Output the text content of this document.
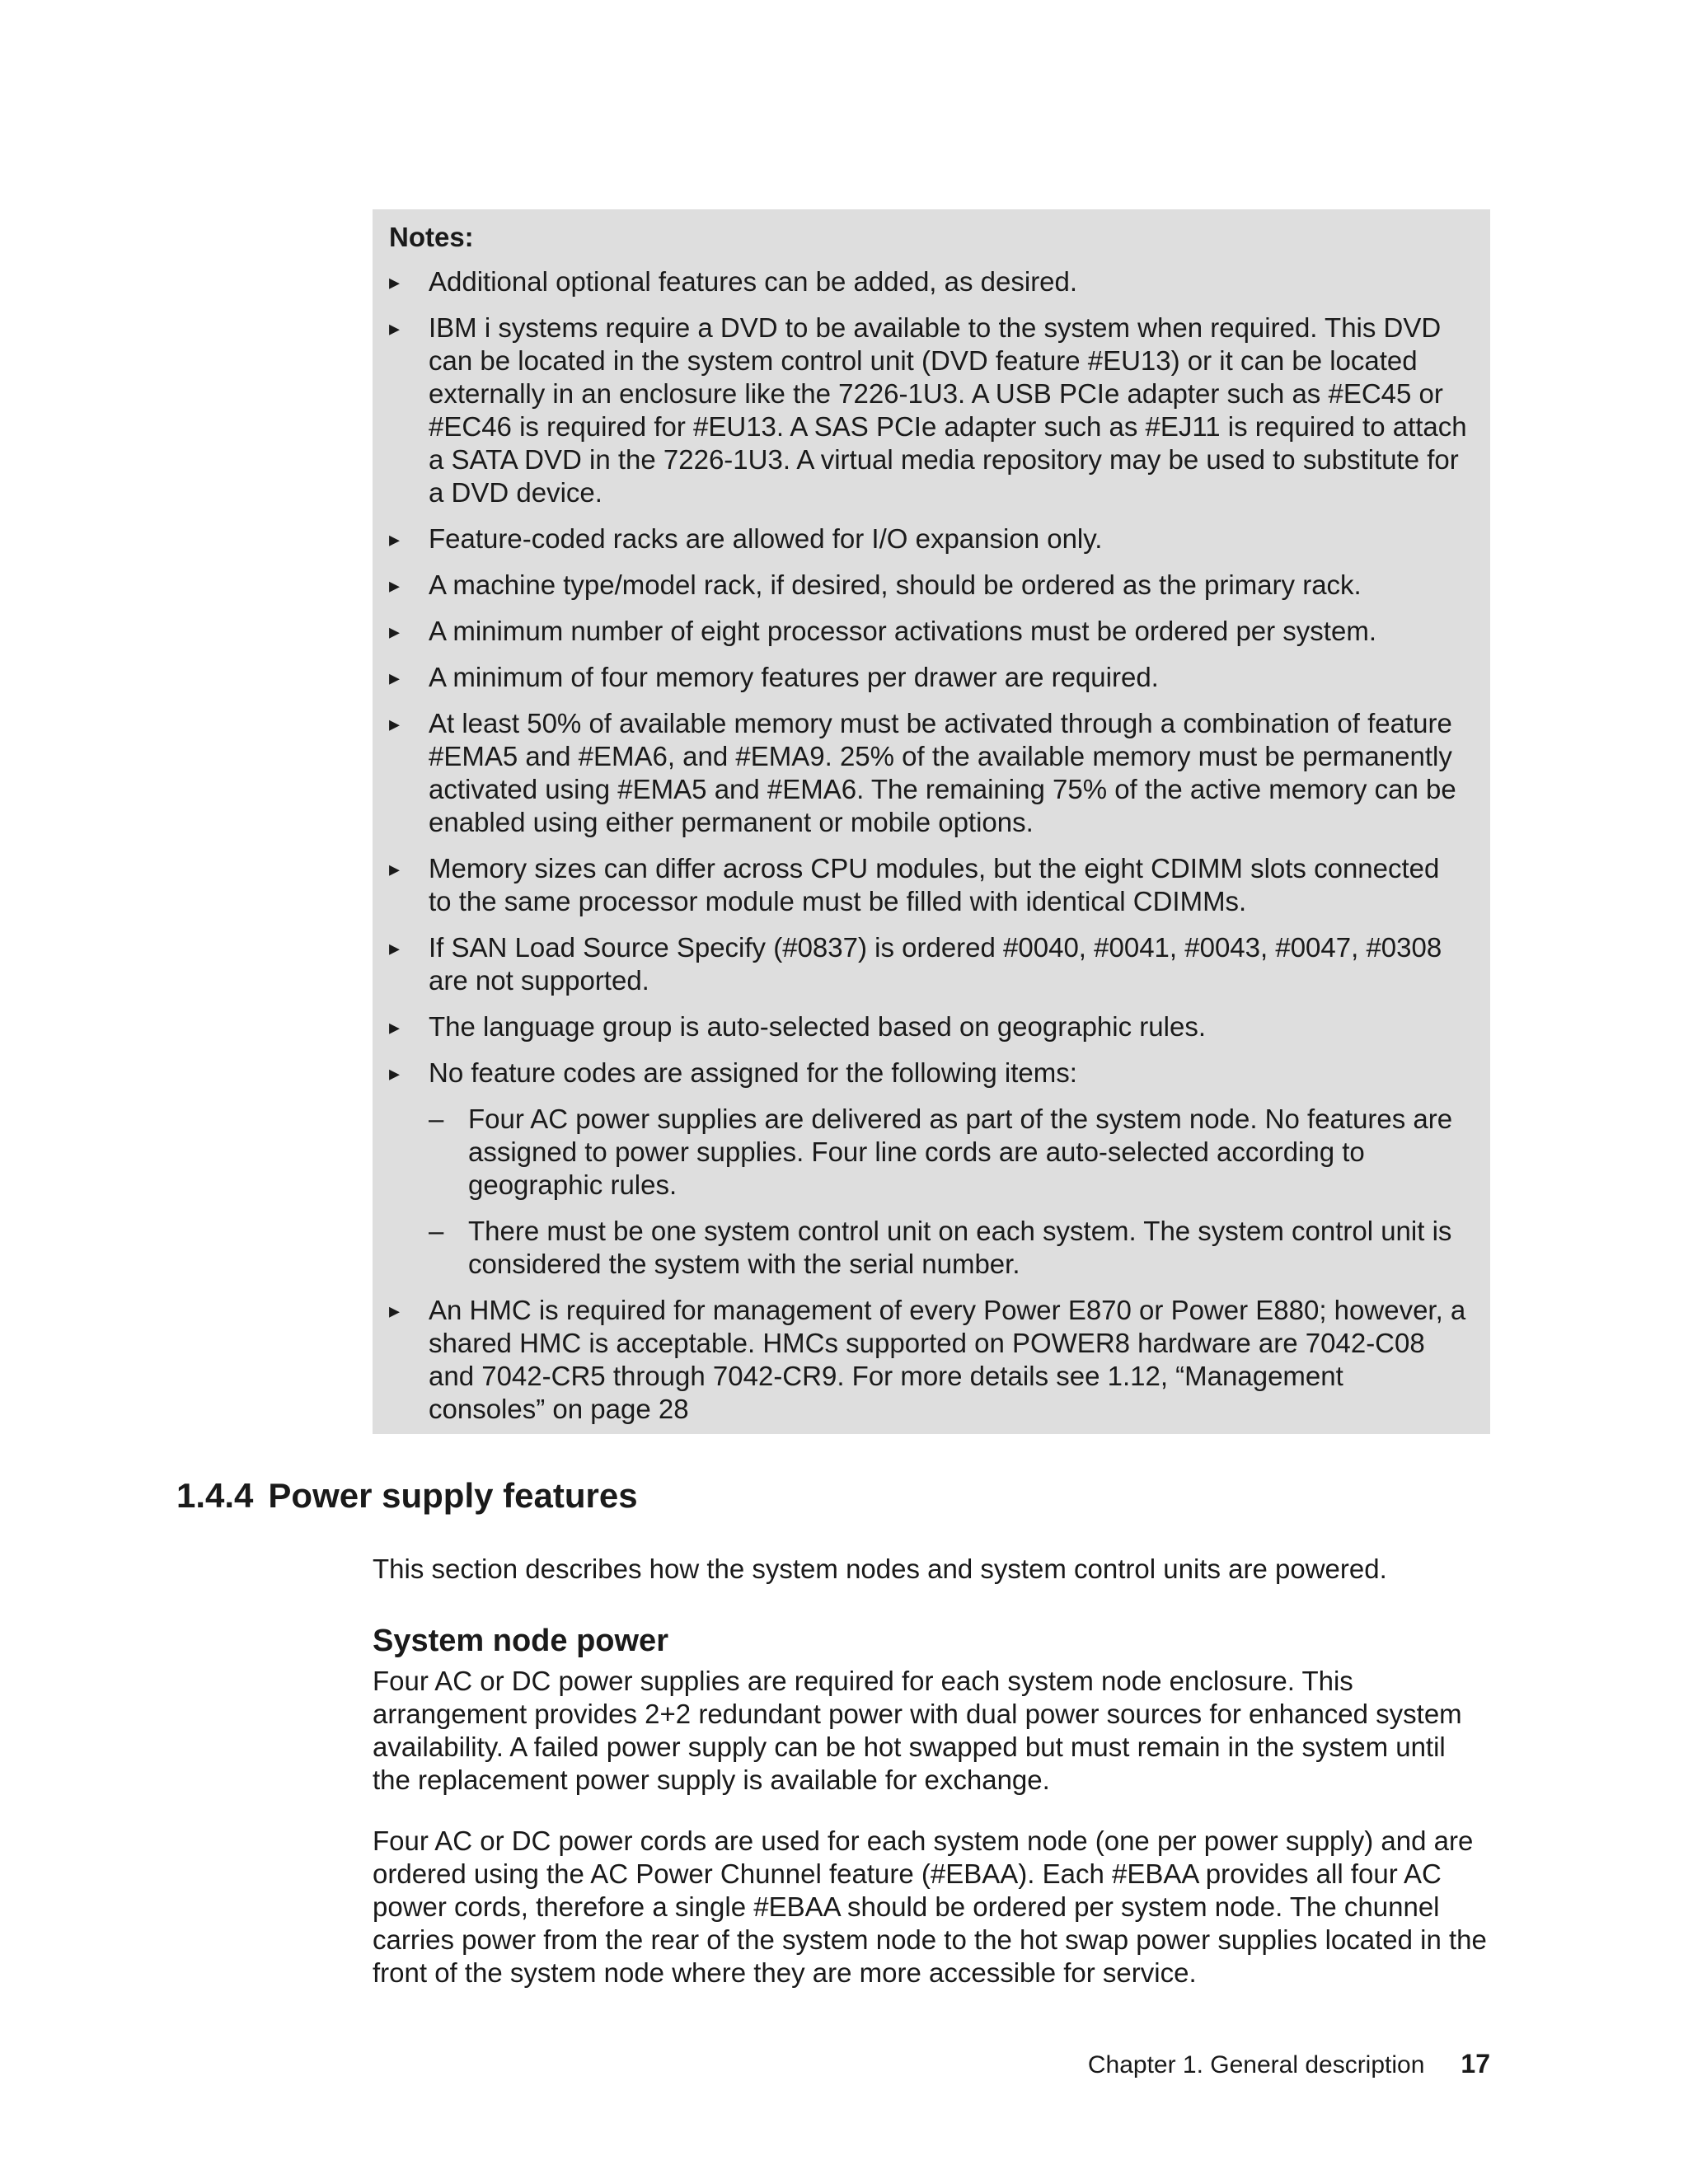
Notes:

▸ Additional optional features can be added, as desired.
▸ IBM i systems require a DVD to be available to the system when required. This DVD can be located in the system control unit (DVD feature #EU13) or it can be located externally in an enclosure like the 7226-1U3. A USB PCIe adapter such as #EC45 or #EC46 is required for #EU13. A SAS PCIe adapter such as #EJ11 is required to attach a SATA DVD in the 7226-1U3. A virtual media repository may be used to substitute for a DVD device.
▸ Feature-coded racks are allowed for I/O expansion only.
▸ A machine type/model rack, if desired, should be ordered as the primary rack.
▸ A minimum number of eight processor activations must be ordered per system.
▸ A minimum of four memory features per drawer are required.
▸ At least 50% of available memory must be activated through a combination of feature #EMA5 and #EMA6, and #EMA9. 25% of the available memory must be permanently activated using #EMA5 and #EMA6. The remaining 75% of the active memory can be enabled using either permanent or mobile options.
▸ Memory sizes can differ across CPU modules, but the eight CDIMM slots connected to the same processor module must be filled with identical CDIMMs.
▸ If SAN Load Source Specify (#0837) is ordered #0040, #0041, #0043, #0047, #0308 are not supported.
▸ The language group is auto-selected based on geographic rules.
▸ No feature codes are assigned for the following items:
– Four AC power supplies are delivered as part of the system node. No features are assigned to power supplies. Four line cords are auto-selected according to geographic rules.
– There must be one system control unit on each system. The system control unit is considered the system with the serial number.
▸ An HMC is required for management of every Power E870 or Power E880; however, a shared HMC is acceptable. HMCs supported on POWER8 hardware are 7042-C08 and 7042-CR5 through 7042-CR9. For more details see 1.12, “Management consoles” on page 28
1.4.4 Power supply features

This section describes how the system nodes and system control units are powered.

System node power

Four AC or DC power supplies are required for each system node enclosure. This arrangement provides 2+2 redundant power with dual power sources for enhanced system availability. A failed power supply can be hot swapped but must remain in the system until the replacement power supply is available for exchange.

Four AC or DC power cords are used for each system node (one per power supply) and are ordered using the AC Power Chunnel feature (#EBAA). Each #EBAA provides all four AC power cords, therefore a single #EBAA should be ordered per system node. The chunnel carries power from the rear of the system node to the hot swap power supplies located in the front of the system node where they are more accessible for service.

Chapter 1. General description 17
